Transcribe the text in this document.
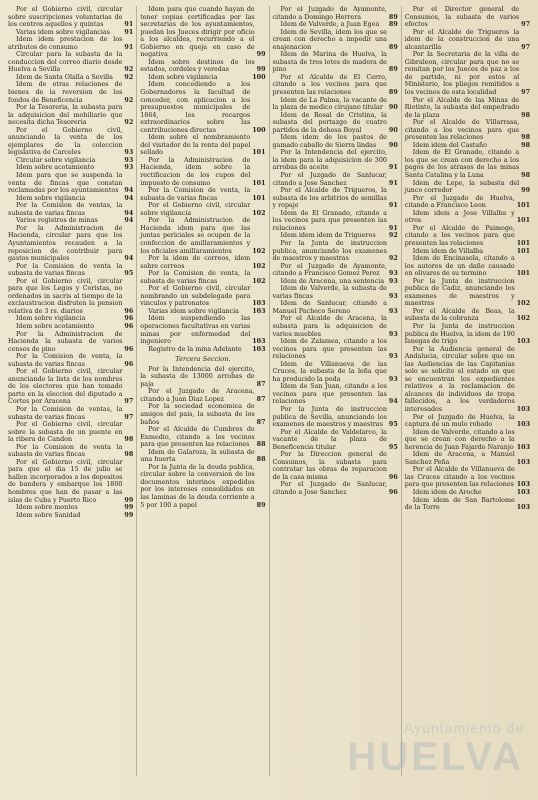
Por el Gobierno civil, circular sobre suscripciones voluntarias de los centros aquellos y quintas	91
Varias idem sobre vigilancias	91
Idem idem prestacion de los atributos de consumo	91
Circular para la subasta de la conduccion del correo diario desde Huelva a Sevilla	92
Idem de Santa Olalla a Sevilla	92
Idem de otras relaciones de bienes de la reversion de los fondos de Beneficencia	92
Por la Tesoreria, la subasta para la adquisicion del mobiliario que necesita dicha Tesoreria	92
Por el Gobierno civil, anunciando la venta de los ejemplares de la coleccion legislativa de Carceles	93
Circular sobre vigilancia	93
Idem sobre acotamiento	93
Idem para que se suspenda la venta de fincas que constan reclamadas por los ayuntamientos 94
Idem sobre vigilancia	94
Por la Comision de ventas, la subasta de varias fincas	94
Varios registros de minas	94
Por la Administracion de Hacienda, circular para que los Ayuntamientos recauden a la reposicion de contribuir para gastos municipales	94
Por la Comision de venta la subasta de varias fincas	95
Por el Gobierno civil, circular para que los Legos y Coristas, no ordenados in sacris al tiempo de la exclaustracion disfruten la pension relativa de 3 rs. diarios	96
Idem sobre vigilancia	96
Idem sobre acotamiento	96
Por la Administracion de Hacienda la subasta de varios censos de pino	96
Por la Comision de venta, la subasta de varias fincas	96
Por el Gobierno civil, circular anunciando la lista de los nombres de los electores que han tomado parte en la eleccion del diputado a Cortes por Aracena	97
Por la Comision de ventas, la subasta de varias fincas	97
Por el Gobierno civil, circular sobre la subasta de un puente en la ribera de Candon	98
Por la Comision de venta la subasta de varias fincas	98
Por el Gobierno civil, circular para que el dia 15 de julio se hallen incorporados a los depositos de bandera y embarque los 1800 hombres que han de pasar a las islas de Cuba y Puerto Rico	99
Idem sobre montes	99
Idem sobre Sanidad	99
Idem para que cuando hayan de tener copias certificadas por las secretarias de los ayuntamientos, puedan los Jueces dirigir por oficio a los alcaldes, recurriendo a el Gobierno en queja en caso de negativa	99
Idem sobre destinos de los estados, cordeles y veredas	99
Idem sobre vigilancia	100
Idem concediendo a los Gobernadores la facultad de conceder, con aplicacion a los presupuestos municipales de 1864, los recargos extraordinarios sobre las contribuciones directas	100
Idem sobre el nombramiento del visitador de la renta del papel sellado	101
Por la Administracion de Hacienda, idem sobre la rectificacion de los cupos del impuesto de consumo	101
Por la Comision de venta, la subasta de varias fincas	101
Por el Gobierno civil, circular sobre vigilancia	102
Por la Administracion de Hacienda idem para que las juntas periciales se ocupen de la confeccion de amillaramientos y los oficiales amillaramientos	102
Por la idem de correos, idem sobre correos	102
Por la Comision de venta, la subasta de varias fincas	102
Por el Gobierno civil, circular nombrando un subdelegado para vinculos y patronatos	103
Varias idem sobre vigilancia	103
Idem suspendiendo las operaciones facultativas en varias minas por enfermedad del ingeniero	103
Registro de la mina Adelante	103
Tercera Seccion.
Por la Intendencia del ejercito, la subasta de 13000 arrobas de paja	87
Por el Juzgado de Aracena, citando a Juan Diaz Lopez	87
Por la sociedad economica de amigos del pais, la subasta de los baños	87
Por el Alcalde de Cumbres de Enmedio, citando a los vecinos para que presenten las relaciones	88
Idem de Galaroza, la subasta de una huerta	88
Por la Junta de la deuda publica, circular sobre la conversion de los documentos interinos expedidos por los intereses consolidados en las laminas de la deuda corriente a 5 por 100 a papel	89
Por el Juzgado de Ayamonte, citando a Domingo Herrera	89
Idem de Valverde, a Juan Egea	89
Idem de Sevilla, idem los que se crean con derecho a impedir una enajenacion	89
Idem de Marina de Huelva, la subasta de tres lotes de madera de pino	89
Por el Alcalde de El Cerro, citando a los vecinos para que presenten las relaciones	89
Idem de La Palma, la vacante de la plaza de medico cirujano titular 90
Idem de Rosal de Cristina, la subasta del portazgo de cuatro partidos de la dehesa Boyal	90
Idem idem de los pastos de gamado caballo de Sierra lindas	90
Por la Intendencia del ejercito, la idem para la adquisicion de 300 arrobas de aceite	91
Por el Juzgado de Sanlucar, citando a Jose Sanchez	91
Por el Alcalde de Trigueros, la subasta de los arbitrios de semillas y ropaje	91
Idem de El Granado, citando a los vecinos para que presenten las relaciones	91
Idem idem idem de Trigueros	92
Por la Junta de instruccion publica, anunciando los examenes de maestros y maestras	92
Por el Juzgado de Ayamonte, citando a Francisco Gomez Perez	93
Idem de Aracena, una sentencia 93
Idem de Valverde, la subasta de varias fincas	93
Idem de Sanlucar, citando a Manuel Pacheco Sereno	93
Por el Alcalde de Aracena, la subasta para la adquisicion de varios muebles	93
Idem de Zalamea, citando a los vecinos para que presenten las relaciones	93
Idem de Villanueva de las Cruces, la subasta de la leña que ha producido la poda	93
Idem de San Juan, citando a los vecinos para que presenten las relaciones	94
Por la Junta de instruccion publica de Sevilla, anunciando los examenes de maestros y maestras 95
Por el Alcalde de Valdelarco, la vacante de la plaza de Beneficencia titular	95
Por la Direccion general de Consumos, la subasta para contratar las obras de reparacion de la casa misma	96
Por el Juzgado de Sanlucar, citando a Jose Sanchez	96
Por el Director general de Consumos, la subasta de varios efectos	97
Por el Alcalde de Trigueros la idem de la construccion de una alcantarilla	97
Por la Secretaria de la villa de Gibraleon, circular para que no se remitan por los Jueces de paz a los de partido, ni por estos al Ministerio, los pliegos remitidos a los vecinos de esta localidad	97
Por el Alcalde de las Minas de Riotinto, la subasta del empedrado de la plaza	98
Por el Alcalde de Villarrasa, citando a los vecinos para que presenten las relaciones	98
Idem idem del Castaño	98
Idem de El Granado, citando a los que se crean con derecho a los pagos de los atrasos de las minas Santa Catalina y la Luna	98
Idem de Lepe, la subasta del junco corredor	99
Por el Juzgado de Huelva, citando a Francisco Leon	101
Idem idem a Jose Villalba y otros	101
Por el Alcalde de Paimogo, citando a los vecinos para que presenten las relaciones	101
Idem idem de Villalba	101
Idem de Encinasola, citando a los autores de un daño causado en olivares de su termino	101
Por la Junta de instruccion publica de Cadiz, anunciando los examenes de maestros y maestras	102
Por el Alcalde de Beas, la subasta de la cobranza	102
Por la Junta de instruccion publica de Huelva, la idem de 190 fanegas de trigo	103
Por la Audiencia general de Andalucia, circular sobre que en las Audiencias de las Capitanias solo se solicite el estado en que se encuentran los expedientes relativos a la reclamacion de alcances de individuos de tropa fallecidos, a los verdaderos interesados	103
Por el Juzgado de Huelva, la captura de un mulo robado	103
Idem de Valverde, citando a los que se crean con derecho a la herencia de Juan Fajardo Naranjo 103
Idem de Aracena, a Manuel Sanchez Peña	103
Por el Alcalde de Villanueva de las Cruces citando a los vecinos para que presenten las relaciones 103
Idem idem de Aroche	103
Idem idem de San Bartolome de la Torre	103
Ayuntamiento de
HUELVA
